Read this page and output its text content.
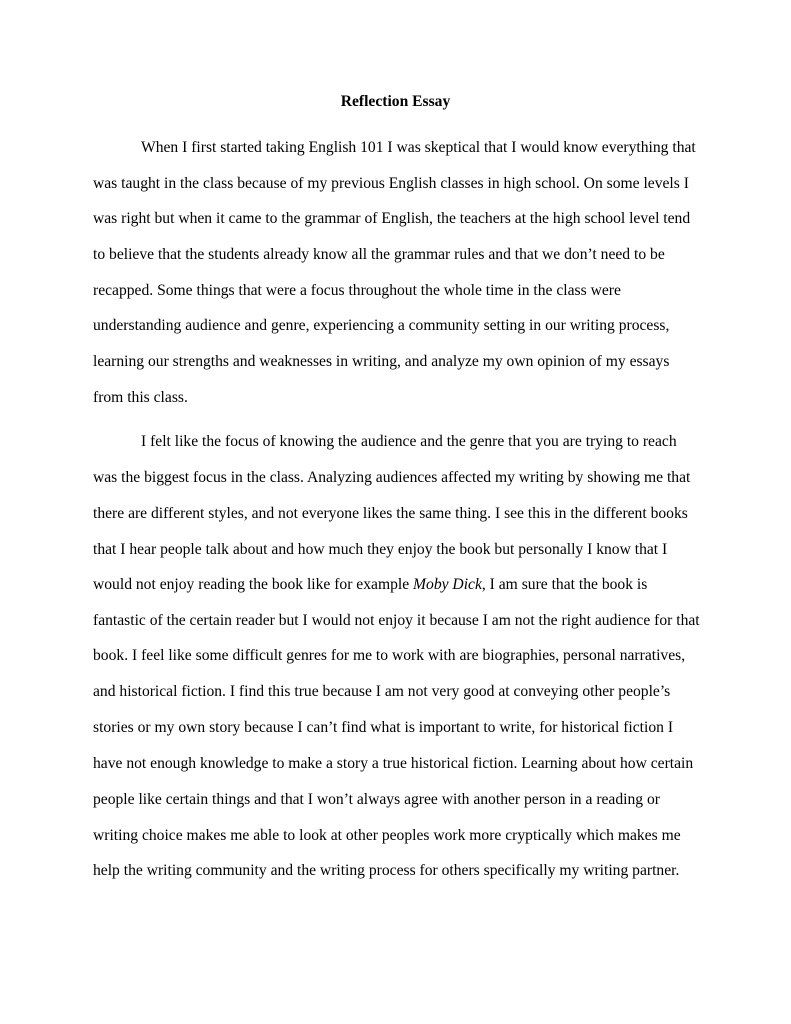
Reflection Essay
When I first started taking English 101 I was skeptical that I would know everything that
was taught in the class because of my previous English classes in high school. On some levels I
was right but when it came to the grammar of English, the teachers at the high school level tend
to believe that the students already know all the grammar rules and that we don’t need to be
recapped. Some things that were a focus throughout the whole time in the class were
understanding audience and genre, experiencing a community setting in our writing process,
learning our strengths and weaknesses in writing, and analyze my own opinion of my essays
from this class.
I felt like the focus of knowing the audience and the genre that you are trying to reach
was the biggest focus in the class. Analyzing audiences affected my writing by showing me that
there are different styles, and not everyone likes the same thing. I see this in the different books
that I hear people talk about and how much they enjoy the book but personally I know that I
would not enjoy reading the book like for example Moby Dick, I am sure that the book is
fantastic of the certain reader but I would not enjoy it because I am not the right audience for that
book. I feel like some difficult genres for me to work with are biographies, personal narratives,
and historical fiction. I find this true because I am not very good at conveying other people’s
stories or my own story because I can’t find what is important to write, for historical fiction I
have not enough knowledge to make a story a true historical fiction. Learning about how certain
people like certain things and that I won’t always agree with another person in a reading or
writing choice makes me able to look at other peoples work more cryptically which makes me
help the writing community and the writing process for others specifically my writing partner.
